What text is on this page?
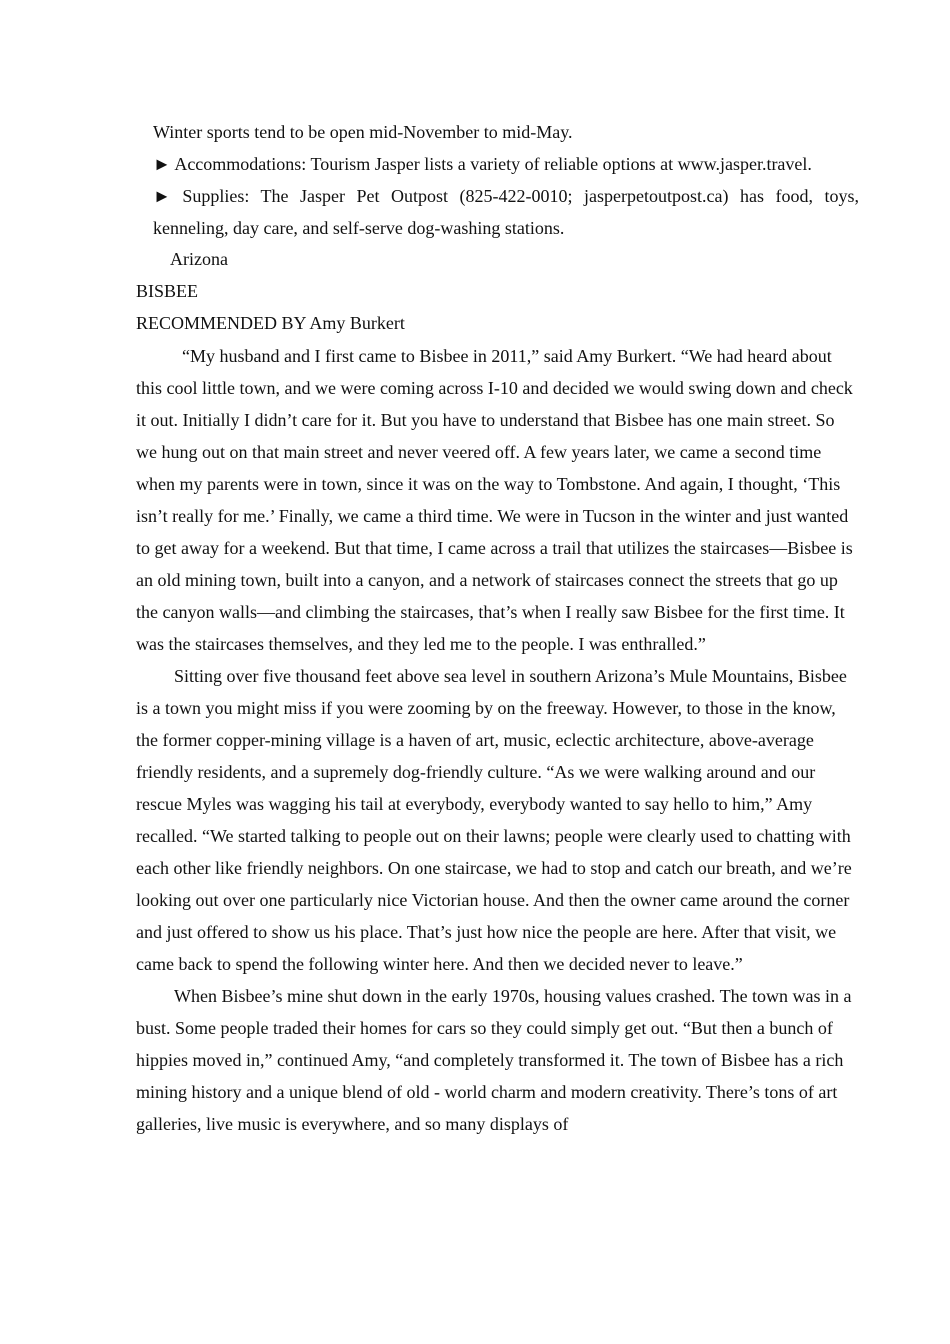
Winter sports tend to be open mid-November to mid-May.

► Accommodations: Tourism Jasper lists a variety of reliable options at www.jasper.travel.

► Supplies: The Jasper Pet Outpost (825-422-0010; jasperpetoutpost.ca) has food, toys, kenneling, day care, and self-serve dog-washing stations.

Arizona

BISBEE

RECOMMENDED BY Amy Burkert

“My husband and I first came to Bisbee in 2011,” said Amy Burkert. “We had heard about this cool little town, and we were coming across I-10 and decided we would swing down and check it out. Initially I didn’t care for it. But you have to understand that Bisbee has one main street. So we hung out on that main street and never veered off. A few years later, we came a second time when my parents were in town, since it was on the way to Tombstone. And again, I thought, ‘This isn’t really for me.’ Finally, we came a third time. We were in Tucson in the winter and just wanted to get away for a weekend. But that time, I came across a trail that utilizes the staircases—Bisbee is an old mining town, built into a canyon, and a network of staircases connect the streets that go up the canyon walls—and climbing the staircases, that’s when I really saw Bisbee for the first time. It was the staircases themselves, and they led me to the people. I was enthralled.”

Sitting over five thousand feet above sea level in southern Arizona’s Mule Mountains, Bisbee is a town you might miss if you were zooming by on the freeway. However, to those in the know, the former copper-mining village is a haven of art, music, eclectic architecture, above-average friendly residents, and a supremely dog-friendly culture. “As we were walking around and our rescue Myles was wagging his tail at everybody, everybody wanted to say hello to him,” Amy recalled. “We started talking to people out on their lawns; people were clearly used to chatting with each other like friendly neighbors. On one staircase, we had to stop and catch our breath, and we’re looking out over one particularly nice Victorian house. And then the owner came around the corner and just offered to show us his place. That’s just how nice the people are here. After that visit, we came back to spend the following winter here. And then we decided never to leave.”

When Bisbee’s mine shut down in the early 1970s, housing values crashed. The town was in a bust. Some people traded their homes for cars so they could simply get out. “But then a bunch of hippies moved in,” continued Amy, “and completely transformed it. The town of Bisbee has a rich mining history and a unique blend of old - world charm and modern creativity. There’s tons of art galleries, live music is everywhere, and so many displays of
